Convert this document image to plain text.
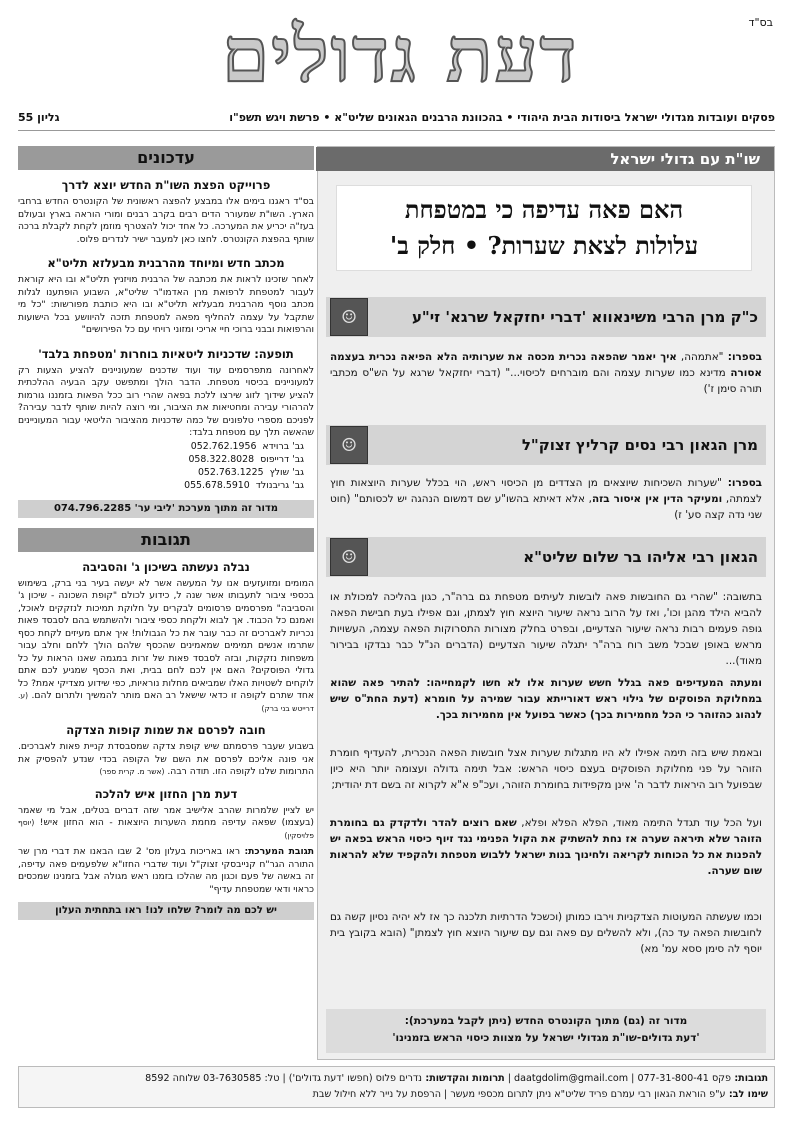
בס"ד
דעת גדולים
פסקים ועובדות מגדולי ישראל ביסודות הבית היהודי • בהכוונת הרבנים הגאונים שליט"א • פרשת ויגש תשפ"ו
גליון 55
שו"ת עם גדולי ישראל
האם פאה עדיפה כי במטפחת
עלולות לצאת שערות? • חלק ב'
כ"ק מרן הרבי משינאווא 'דברי יחזקאל שרגא' זי"ע
☺
בספרו: "אתמהה, איך יאמר שהפאה נכרית מכסה את שערותיה הלא הפיאה נכרית בעצמה אסורה מדינא כמו שערות עצמה והם מוברחים לכיסוי..." (דברי יחזקאל שרגא על הש"ס מכתבי תורה סימן ז')
מרן הגאון רבי נסים קרליץ זצוק"ל
☺
בספרו: "שערות השכיחות שיוצאים מן הצדדים מן הכיסוי ראש, הוי בכלל שערות היוצאות חוץ לצמתה, ומעיקר הדין אין איסור בזה, אלא דאיתא בהשו"ע שם דמשום הנהגה יש לכסותם" (חוט שני נדה קצה סע' ז)
הגאון רבי אליהו בר שלום שליט"א
☺
בתשובה: "שהרי גם החובשות פאה לובשות לעיתים מטפחת גם ברה"ר, כגון בהליכה למכולת או להביא הילד מהגן וכו', ואז על הרוב נראה שיעור היוצא חוץ לצמתן, וגם אפילו בעת חבישת הפאה גופה פעמים רבות נראה שיעור הצדעיים, ובפרט בחלק מצורות התסרוקות הפאה עצמה, העשויות מראש באופן שבכל משב רוח ברה"ר יתגלה שיעור הצדעיים (הדברים הנ"ל כבר נבדקו בבירור מאוד)...
ומעתה המעדיפים פאה בגלל חשש שערות אלו לא חשו לקמחייהו: להתיר פאה שהוא במחלוקת הפוסקים של גילוי ראש דאורייתא עבור שמירה על חומרא (דעת החת"ס שיש לנהוג כהזוהר כי הכל מחמירות בכך) כאשר בפועל אין מחמירות בכך.
ובאמת שיש בזה תימה אפילו לא היו מתגלות שערות אצל חובשות הפאה הנכרית, להעדיף חומרת הזוהר על פני מחלוקת הפוסקים בעצם כיסוי הראש: אבל תימה גדולה ועצומה יותר היא כיון שבפועל רוב היראות לדבר ה' אינן מקפידות בחומרת הזוהר, ועכ"פ א"א לקרוא זה בשם דת יהודית;
ועל הכל עוד תגדל התימה מאוד, הפלא הפלא ופלא, שאם רוצים להדר ולדקדק גם בחומרת הזוהר שלא תיראה שערה אז נחת להשתיק את הקול הפנימי נגד זיוף כיסוי הראש בפאה יש להפנות את כל הכוחות לקריאה ולחינוך בנות ישראל ללבוש מטפחת ולהקפיד שלא להראות שום שערה.
וכמו שעשתה המעוטות הצדקניות וירבו כמותן (וכשכל הדרתיות תלכנה כך אז לא יהיה נסיון קשה גם לחובשות הפאה עד כה), ולא להשלים עם פאה וגם עם שיעור היוצא חוץ לצמתן" (הובא בקובץ בית יוסף לה סימן ססא עמ' מא)
מדור זה (גם) מתוך הקונטרס החדש (ניתן לקבל במערכת):
'דעת גדולים-שו"ת מגדולי ישראל על מצוות כיסוי הראש בזמנינו'
עדכונים
פרוייקט הפצת השו"ת החדש יוצא לדרך
בס"ד ראגנו בימים אלו במבצע להפצה ראשונית של הקונטרס החדש ברחבי הארץ. השו"ת שמעורר הדים רבים בקרב רבנים ומורי הוראה בארץ ובעולם בעז"ה יכריע את המערכה. כל אחד יכול להצטרף מוזמן לקחת לקבלת ברכה שותף בהפצת הקונטרס. לחצו כאן למעבר ישיר לנדרים פלוס.
מכתב חדש ומיוחד מהרבנית מבעלזא תליט"א
לאחר שזכינו לראות את מכתבה של הרבנית מויזניץ תליט"א ובו היא קוראת לעבור למטפחת לרפואת מרן האדמו"ר שליט"א, השבוע הופתענו לגלות מכתב נוסף מהרבנית מבעלזא תליט"א ובו היא כותבת מפורשות: "כל מי שתקבל על עצמה להחליף מפאה למטפחת תזכה להיוושע בכל הישועות והרפואות ובבני ברוכי חיי אריכי ומזוני רויחי עם כל הפירושים"
תופעה: שדכניות ליטאיות בוחרות 'מטפחת בלבד'
לאחרונה מתפרסמים עוד ועוד שדכנים שמעוניינים להציע הצעות רק למעוניינים בכיסוי מטפחת. הדבר הולך ומתפשט עקב הבעיה ההלכתית להציע שידוך לזוג שירצו ללכת בפאה שהרי רוב ככל הפאות בזמננו גורמות להרהורי עבירה ומחטיאות את הציבור, ומי רוצה להיות שותף לדבר עבירה? לפניכם מספרי טלפונים של כמה שדכניות מהציבור הליטאי עבור המעוניינים שהאשה תלך עם מטפחת בלבד:
גב' ברוידא
052.762.1956
גב' דרייפוס
058.322.8028
גב' שולץ
052.763.1225
גב' גריבנולד
055.678.5910
מדור זה מתוך מערכת 'ליבי ער' 074.796.2285
תגובות
נבלה נעשתה בשיכון ג' והסביבה
המומים ומזועזעים אנו על המעשה אשר לא יעשה בעיר בני ברק, בשימוש בכספי ציבור לתעבותו אשר שנה ל, כידוע לכולם "קופת השכונה - שיכון ג' והסביבה" מפרסמים פרסומים לבקרים על חלוקת תמיכות לנזקקים לאוכל, ואמנם כל הכבוד. אך לבוא ולקחת כספי ציבור ולהשתמש בהם לסבסד פאות נכריות לאברכים זה כבר עובר את כל הגבולות! איך אתם מעיזים לקחת כסף שתרמו אנשים תמימים שמאמינים שהכסף שלהם הולך ללחם וחלב עבור משפחות נזקקות, ובזה לסבסד פאות של זרות במגמה שאנו הראות על כל גדולי הפוסקים? האם אין לכם לחם בבית, ואת הכסף שמגיע לכם אתם לוקחים לשטויות האלו שמביאים מחלות נוראיות, כפי שידוע מצדיקי אמת? כל אחד שתרם לקופה זו כדאי שישאל רב האם מותר להמשיך ולתרום להם. (ע. דרייטש בני ברק)
חובה לפרסם את שמות קופות הצדקה
בשבוע שעבר פרסמתם שיש קופת צדקה שמסבסדת קניית פאות לאברכים. אני פונה אליכם לפרסם את השם של הקופה בכדי שנדע להפסיק את התרומות שלנו לקופה הזו. תודה רבה. (אשר מ. קרית ספר)
דעת מרן החזון איש להלכה
יש לציין שלמרות שהרב אלישיב אמר שזה דברים בטלים, אבל מי שאמר (בעצמו) שפאה עדיפה מחמת השערות היוצאות - הוא החזון איש! (יוסף פלויסקין)
תגובת המערכת: ראו באריכות בעלון מס' 2 שבו הבאנו את דברי מרן שר התורה הגר"ח קנייבסקי זצוק"ל ועוד שדברי החזו"א שלפעמים פאה עדיפה, זה באשה של פעם וכגון מה שהלכו בזמנו ראש מגולה אבל בזמנינו שמכסים כראוי ודאי שמטפחת עדיף"
יש לכם מה לומר? שלחו לנו! ראו בתחתית העלון
תגובות: פקס 077-31-800-41 | daatgdolim@gmail.com | תרומות והקדשות: נדרים פלוס (חפשו 'דעת גדולים') | טל: 03-7630585 שלוחה 8592
שימו לב: ע"פ הוראת הגאון רבי עמרם פריד שליט"א ניתן לתרום מכספי מעשר | הרפסת על נייר ללא חילול שבת
